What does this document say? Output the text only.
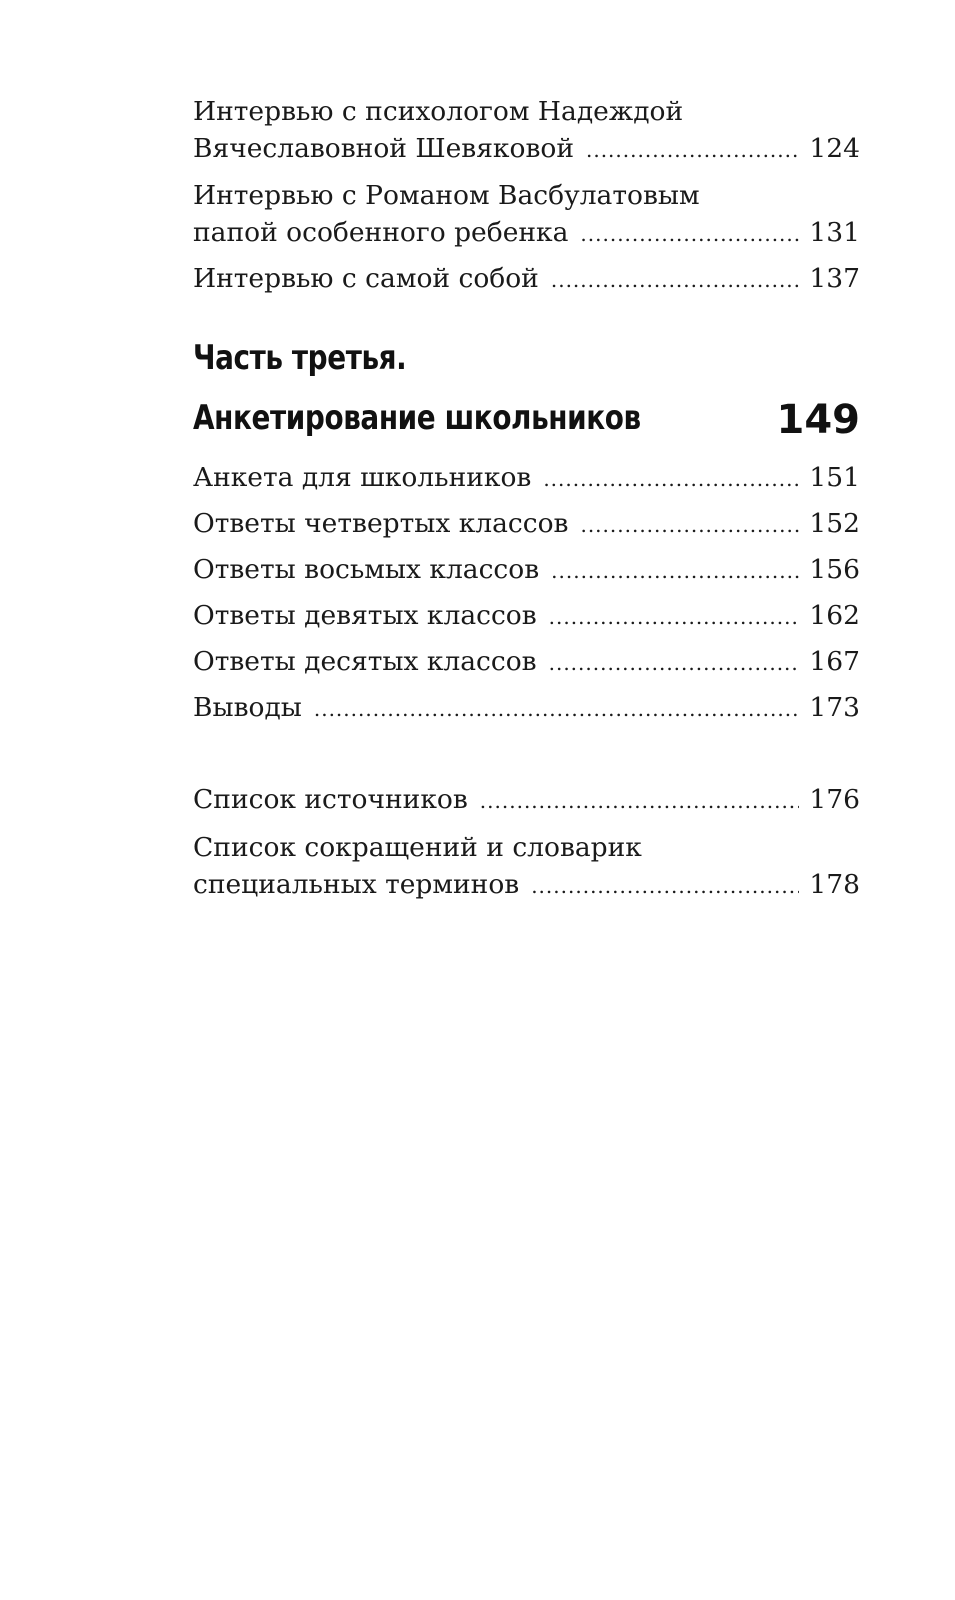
Интервью с психологом Надеждой
Вячеславовной Шевяковой .....	124
Интервью с Романом Васбулатовым
папой особенного ребенка .....	131
Интервью с самой собой .....	137
Часть третья.
Анкетирование школьников	149
Анкета для школьников .....	151
Ответы четвертых классов .....	152
Ответы восьмых классов .....	156
Ответы девятых классов .....	162
Ответы десятых классов .....	167
Выводы .....	173
Список источников .....	176
Список сокращений и словарик
специальных терминов .....	178
